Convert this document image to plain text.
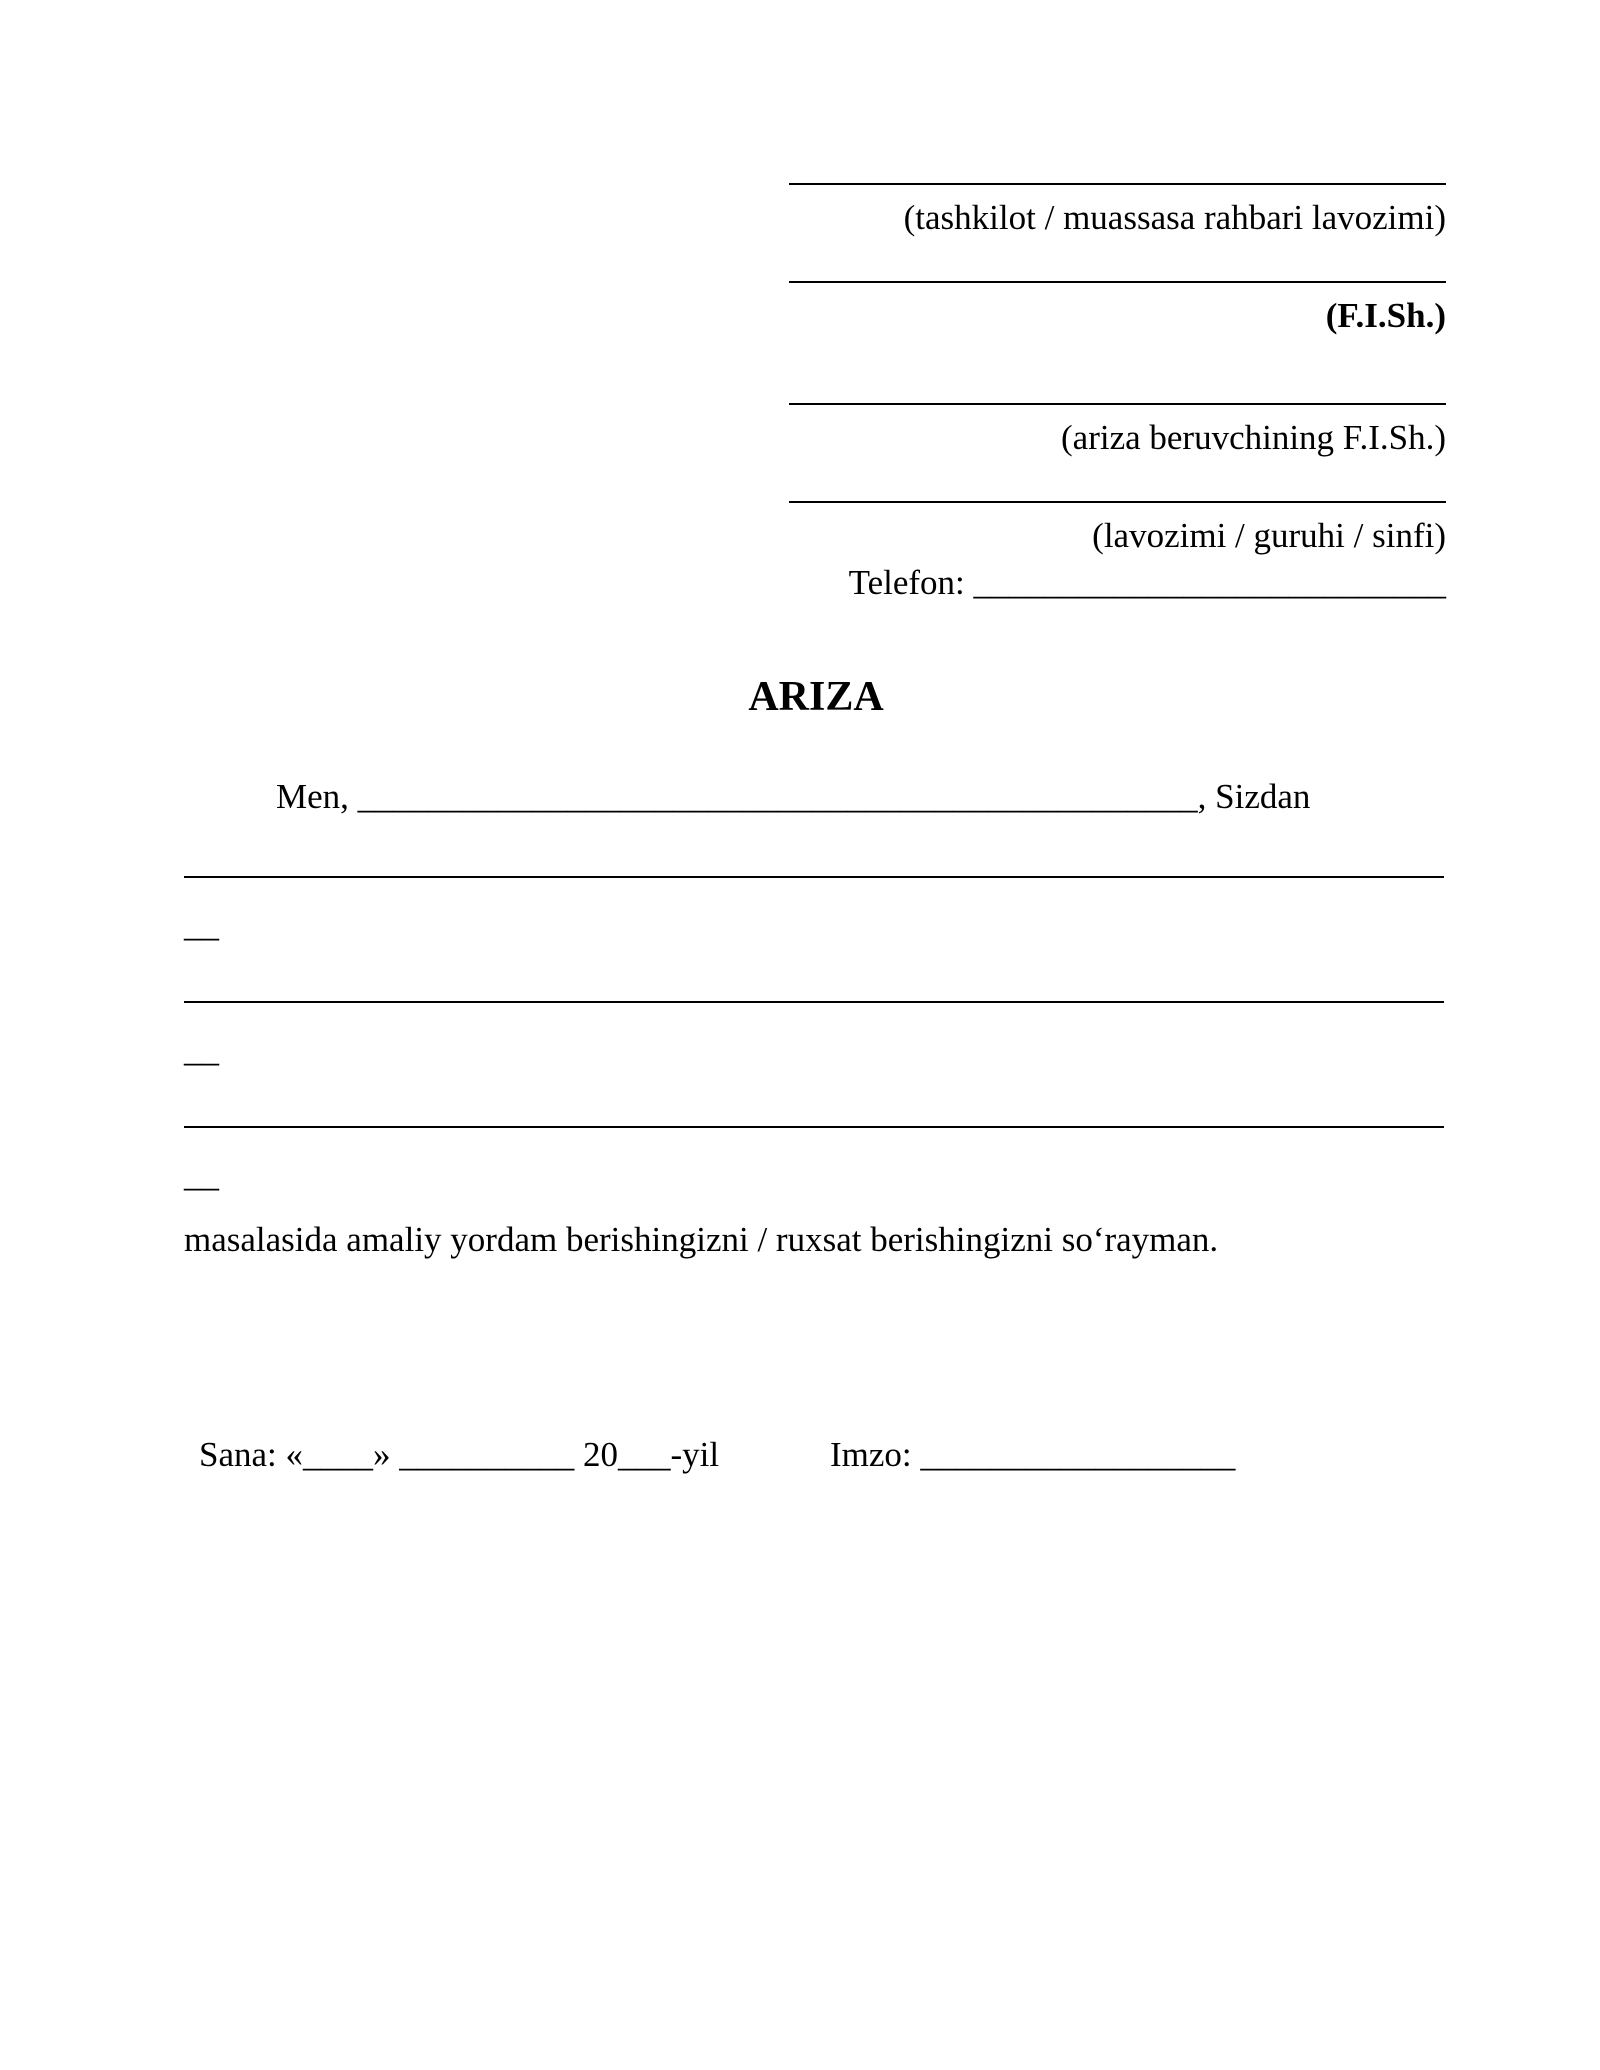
(tashkilot / muassasa rahbari lavozimi)
(F.I.Sh.)
(ariza beruvchining F.I.Sh.)
(lavozimi / guruhi / sinfi)
Telefon: ___________________________
ARIZA
Men, ________________________________________________, Sizdan
__
__
__
masalasida amaliy yordam berishingizni / ruxsat berishingizni so‘rayman.
Sana: «____» __________ 20___-yil	Imzo: __________________
